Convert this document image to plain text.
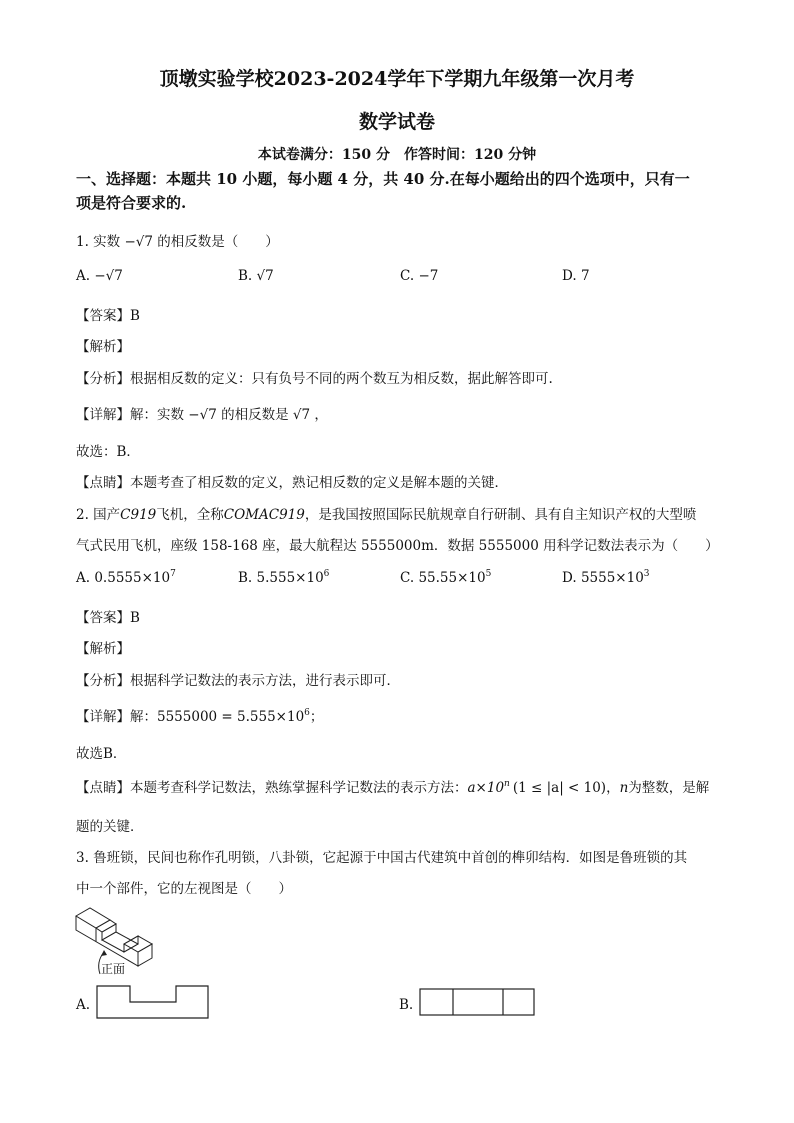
顶墩实验学校2023-2024学年下学期九年级第一次月考
数学试卷
本试卷满分：150 分　作答时间：120 分钟
一、选择题：本题共 10 小题，每小题 4 分，共 40 分.在每小题给出的四个选项中，只有一
项是符合要求的.
1. 实数 −√7 的相反数是（　　）
A. −√7	B. √7	C. −7	D. 7
【答案】B
【解析】
【分析】根据相反数的定义：只有负号不同的两个数互为相反数，据此解答即可.
【详解】解：实数 −√7 的相反数是 √7 ，
故选：B．
【点睛】本题考查了相反数的定义，熟记相反数的定义是解本题的关键．
2. 国产C919飞机，全称COMAC919，是我国按照国际民航规章自行研制、具有自主知识产权的大型喷
气式民用飞机，座级 158-168 座，最大航程达 5555000m．数据 5555000 用科学记数法表示为（　　）
A. $0.5555\times 10^7$	B. $5.555\times 10^6$	C. $55.55\times 10^5$	D. $5555\times 10^3$
【答案】B
【解析】
【分析】根据科学记数法的表示方法，进行表示即可．
【详解】解：$5555000 = 5.555\times 10^6$；
故选B．
【点睛】本题考查科学记数法，熟练掌握科学记数法的表示方法：$a\times 10^n$ (1 ≤ |a| < 10)，n为整数，是解
题的关键．
3. 鲁班锁，民间也称作孔明锁，八卦锁，它起源于中国古代建筑中首创的榫卯结构．如图是鲁班锁的其
中一个部件，它的左视图是（　　）
正面
A.	B.
